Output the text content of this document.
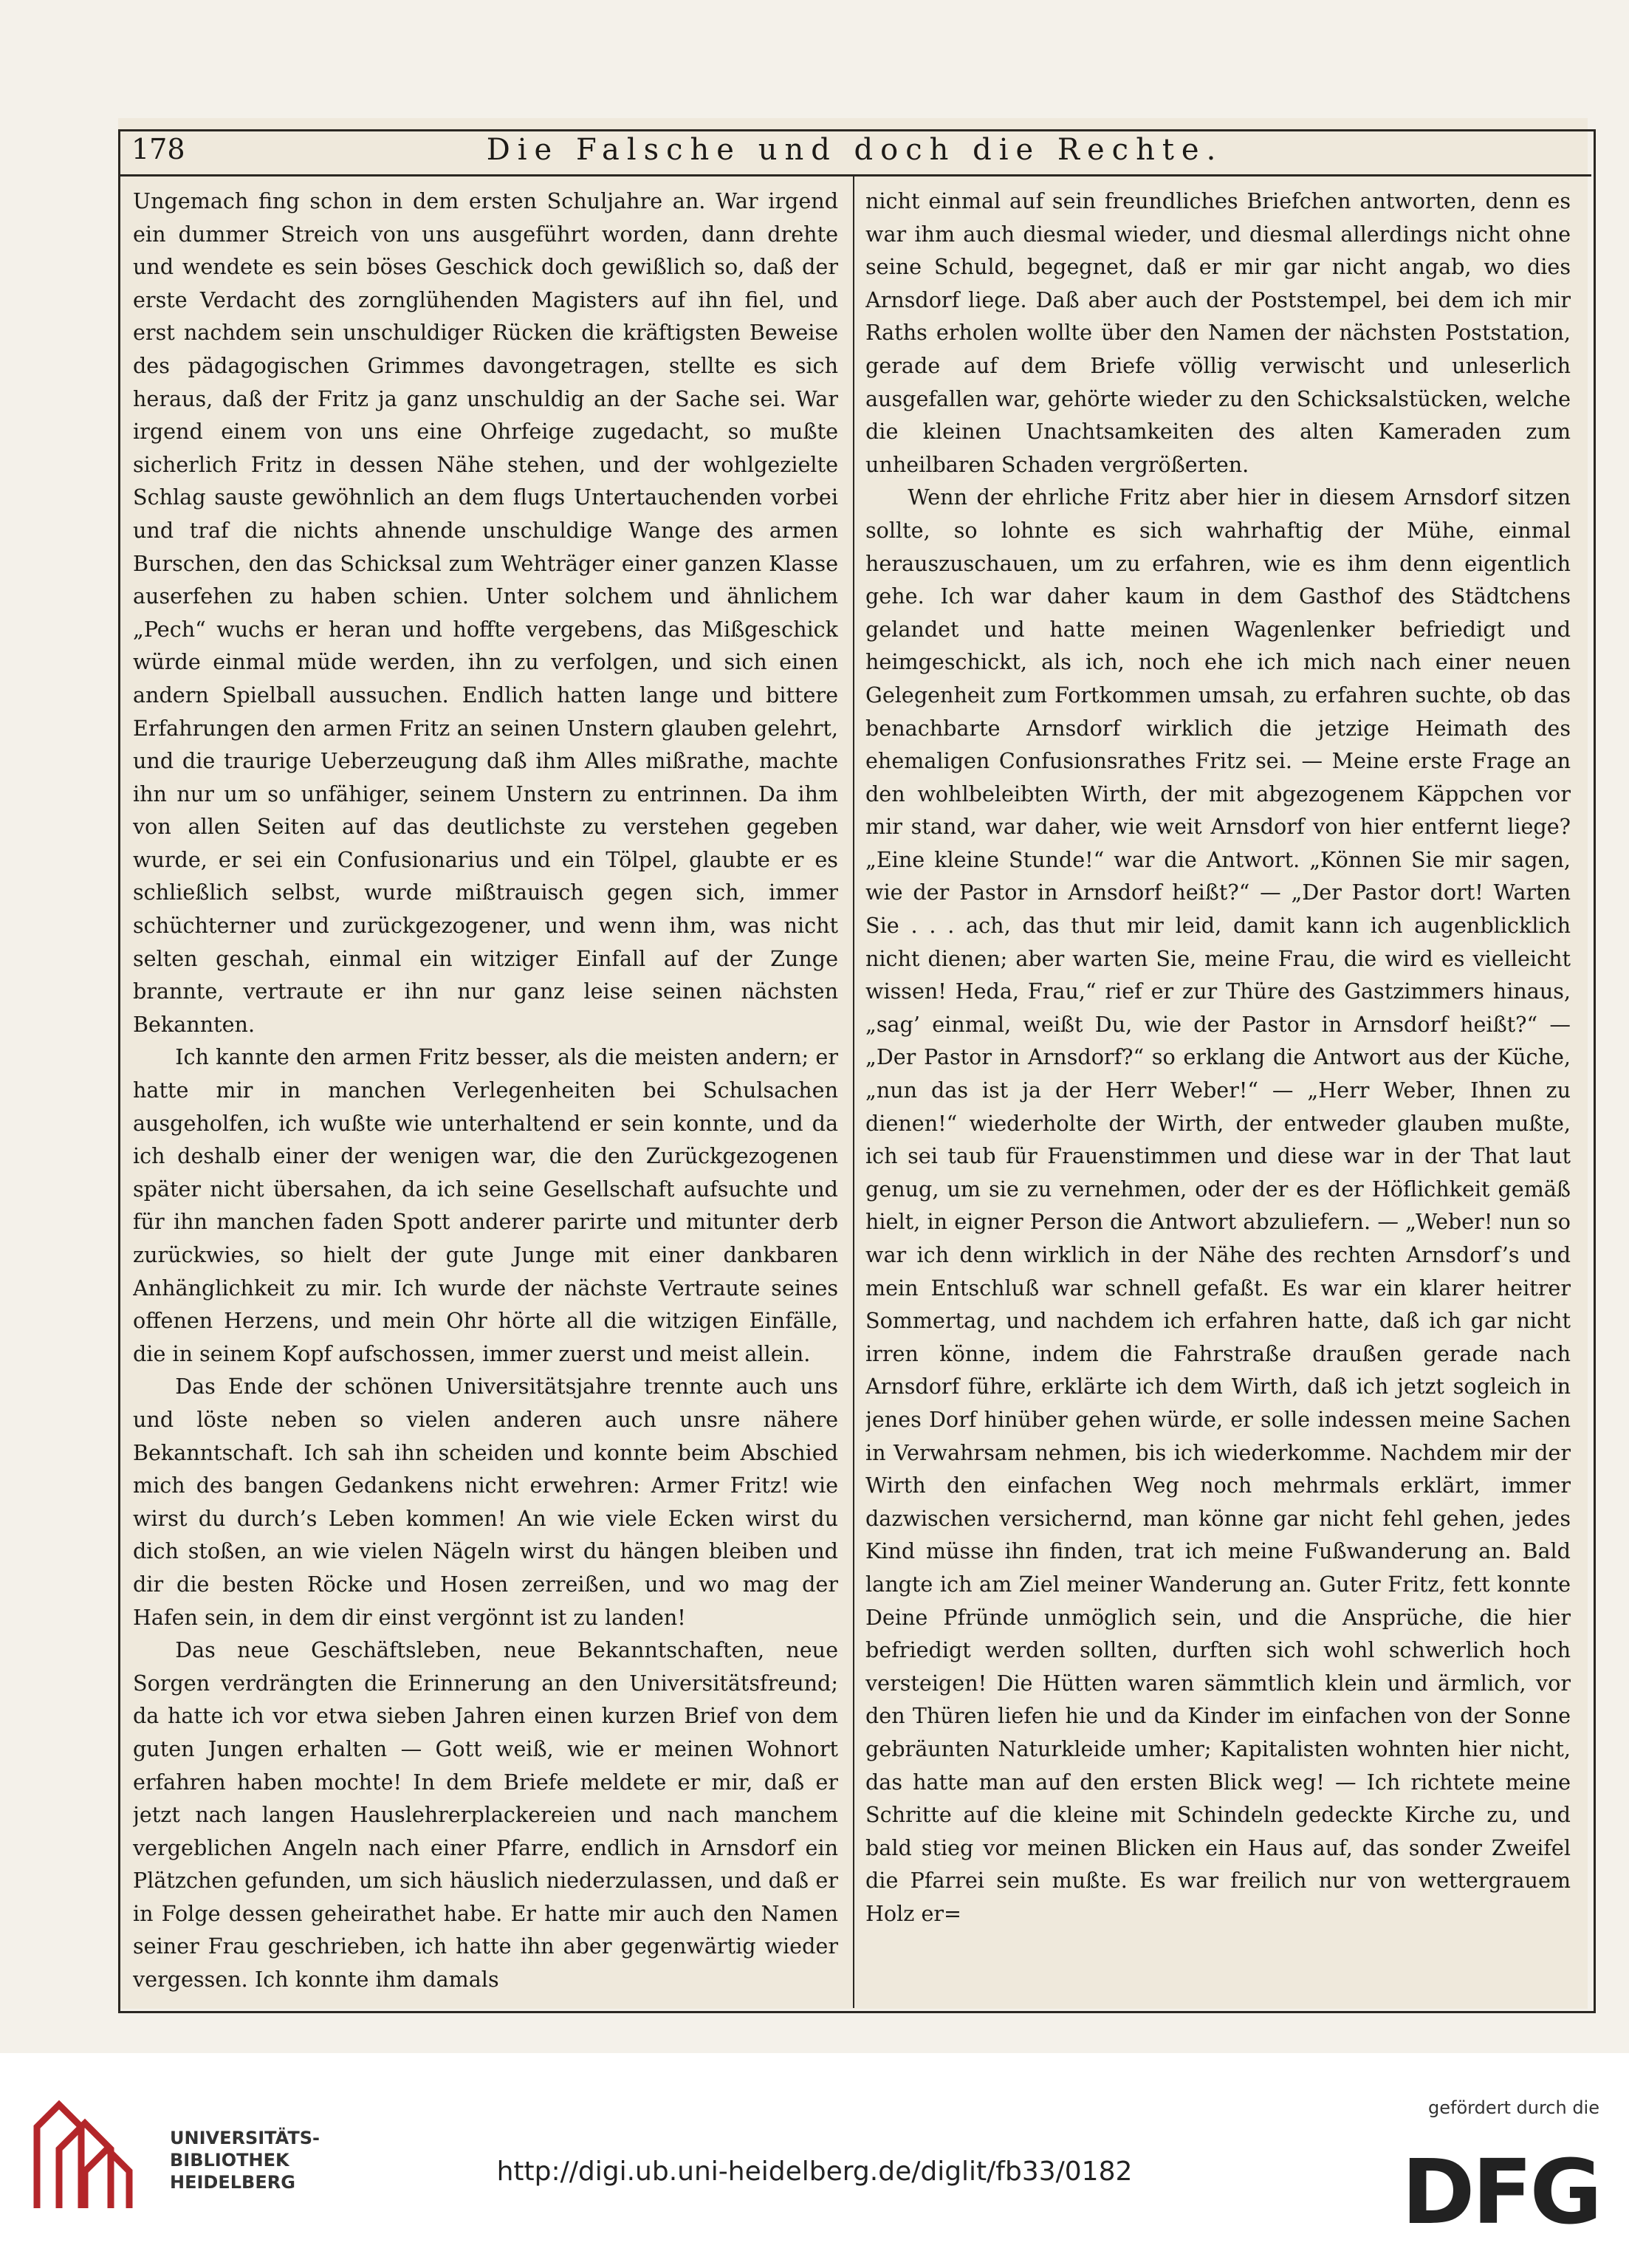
178	Die Falsche und doch die Rechte.

Ungemach fing schon in dem ersten Schuljahre an. War irgend ein dummer Streich von uns ausgeführt worden, dann drehte und wendete es sein böses Geschick doch gewißlich so, daß der erste Verdacht des zornglühenden Magisters auf ihn fiel, und erst nachdem sein unschuldiger Rücken die kräftigsten Beweise des pädagogischen Grimmes davongetragen, stellte es sich heraus, daß der Fritz ja ganz unschuldig an der Sache sei. War irgend einem von uns eine Ohrfeige zugedacht, so mußte sicherlich Fritz in dessen Nähe stehen, und der wohlgezielte Schlag sauste gewöhnlich an dem flugs Untertauchenden vorbei und traf die nichts ahnende unschuldige Wange des armen Burschen, den das Schicksal zum Wehträger einer ganzen Klasse auserfehen zu haben schien. Unter solchem und ähnlichem „Pech“ wuchs er heran und hoffte vergebens, das Mißgeschick würde einmal müde werden, ihn zu verfolgen, und sich einen andern Spielball aussuchen. Endlich hatten lange und bittere Erfahrungen den armen Fritz an seinen Unstern glauben gelehrt, und die traurige Ueberzeugung daß ihm Alles mißrathe, machte ihn nur um so unfähiger, seinem Unstern zu entrinnen. Da ihm von allen Seiten auf das deutlichste zu verstehen gegeben wurde, er sei ein Confusionarius und ein Tölpel, glaubte er es schließlich selbst, wurde mißtrauisch gegen sich, immer schüchterner und zurückgezogener, und wenn ihm, was nicht selten geschah, einmal ein witziger Einfall auf der Zunge brannte, vertraute er ihn nur ganz leise seinen nächsten Bekannten.

Ich kannte den armen Fritz besser, als die meisten andern; er hatte mir in manchen Verlegenheiten bei Schulsachen ausgeholfen, ich wußte wie unterhaltend er sein konnte, und da ich deshalb einer der wenigen war, die den Zurückgezogenen später nicht übersahen, da ich seine Gesellschaft aufsuchte und für ihn manchen faden Spott anderer parirte und mitunter derb zurückwies, so hielt der gute Junge mit einer dankbaren Anhänglichkeit zu mir. Ich wurde der nächste Vertraute seines offenen Herzens, und mein Ohr hörte all die witzigen Einfälle, die in seinem Kopf aufschossen, immer zuerst und meist allein.

Das Ende der schönen Universitätsjahre trennte auch uns und löste neben so vielen anderen auch unsre nähere Bekanntschaft. Ich sah ihn scheiden und konnte beim Abschied mich des bangen Gedankens nicht erwehren: Armer Fritz! wie wirst du durch’s Leben kommen! An wie viele Ecken wirst du dich stoßen, an wie vielen Nägeln wirst du hängen bleiben und dir die besten Röcke und Hosen zerreißen, und wo mag der Hafen sein, in dem dir einst vergönnt ist zu landen!

Das neue Geschäftsleben, neue Bekanntschaften, neue Sorgen verdrängten die Erinnerung an den Universitätsfreund; da hatte ich vor etwa sieben Jahren einen kurzen Brief von dem guten Jungen erhalten — Gott weiß, wie er meinen Wohnort erfahren haben mochte! In dem Briefe meldete er mir, daß er jetzt nach langen Hauslehrerplackereien und nach manchem vergeblichen Angeln nach einer Pfarre, endlich in Arnsdorf ein Plätzchen gefunden, um sich häuslich niederzulassen, und daß er in Folge dessen geheirathet habe. Er hatte mir auch den Namen seiner Frau geschrieben, ich hatte ihn aber gegenwärtig wieder vergessen. Ich konnte ihm damals

nicht einmal auf sein freundliches Briefchen antworten, denn es war ihm auch diesmal wieder, und diesmal allerdings nicht ohne seine Schuld, begegnet, daß er mir gar nicht angab, wo dies Arnsdorf liege. Daß aber auch der Poststempel, bei dem ich mir Raths erholen wollte über den Namen der nächsten Poststation, gerade auf dem Briefe völlig verwischt und unleserlich ausgefallen war, gehörte wieder zu den Schicksalstücken, welche die kleinen Unachtsamkeiten des alten Kameraden zum unheilbaren Schaden vergrößerten.

Wenn der ehrliche Fritz aber hier in diesem Arnsdorf sitzen sollte, so lohnte es sich wahrhaftig der Mühe, einmal herauszuschauen, um zu erfahren, wie es ihm denn eigentlich gehe. Ich war daher kaum in dem Gasthof des Städtchens gelandet und hatte meinen Wagenlenker befriedigt und heimgeschickt, als ich, noch ehe ich mich nach einer neuen Gelegenheit zum Fortkommen umsah, zu erfahren suchte, ob das benachbarte Arnsdorf wirklich die jetzige Heimath des ehemaligen Confusionsrathes Fritz sei. — Meine erste Frage an den wohlbeleibten Wirth, der mit abgezogenem Käppchen vor mir stand, war daher, wie weit Arnsdorf von hier entfernt liege? „Eine kleine Stunde!“ war die Antwort. „Können Sie mir sagen, wie der Pastor in Arnsdorf heißt?“ — „Der Pastor dort! Warten Sie . . . ach, das thut mir leid, damit kann ich augenblicklich nicht dienen; aber warten Sie, meine Frau, die wird es vielleicht wissen! Heda, Frau,“ rief er zur Thüre des Gastzimmers hinaus, „sag’ einmal, weißt Du, wie der Pastor in Arnsdorf heißt?“ — „Der Pastor in Arnsdorf?“ so erklang die Antwort aus der Küche, „nun das ist ja der Herr Weber!“ — „Herr Weber, Ihnen zu dienen!“ wiederholte der Wirth, der entweder glauben mußte, ich sei taub für Frauenstimmen und diese war in der That laut genug, um sie zu vernehmen, oder der es der Höflichkeit gemäß hielt, in eigner Person die Antwort abzuliefern. — „Weber! nun so war ich denn wirklich in der Nähe des rechten Arnsdorf’s und mein Entschluß war schnell gefaßt. Es war ein klarer heitrer Sommertag, und nachdem ich erfahren hatte, daß ich gar nicht irren könne, indem die Fahrstraße draußen gerade nach Arnsdorf führe, erklärte ich dem Wirth, daß ich jetzt sogleich in jenes Dorf hinüber gehen würde, er solle indessen meine Sachen in Verwahrsam nehmen, bis ich wiederkomme. Nachdem mir der Wirth den einfachen Weg noch mehrmals erklärt, immer dazwischen versichernd, man könne gar nicht fehl gehen, jedes Kind müsse ihn finden, trat ich meine Fußwanderung an. Bald langte ich am Ziel meiner Wanderung an. Guter Fritz, fett konnte Deine Pfründe unmöglich sein, und die Ansprüche, die hier befriedigt werden sollten, durften sich wohl schwerlich hoch versteigen! Die Hütten waren sämmtlich klein und ärmlich, vor den Thüren liefen hie und da Kinder im einfachen von der Sonne gebräunten Naturkleide umher; Kapitalisten wohnten hier nicht, das hatte man auf den ersten Blick weg! — Ich richtete meine Schritte auf die kleine mit Schindeln gedeckte Kirche zu, und bald stieg vor meinen Blicken ein Haus auf, das sonder Zweifel die Pfarrei sein mußte. Es war freilich nur von wettergrauem Holz er=

UNIVERSITÄTS-
BIBLIOTHEK
HEIDELBERG	http://digi.ub.uni-heidelberg.de/diglit/fb33/0182
gefördert durch die
DFG
